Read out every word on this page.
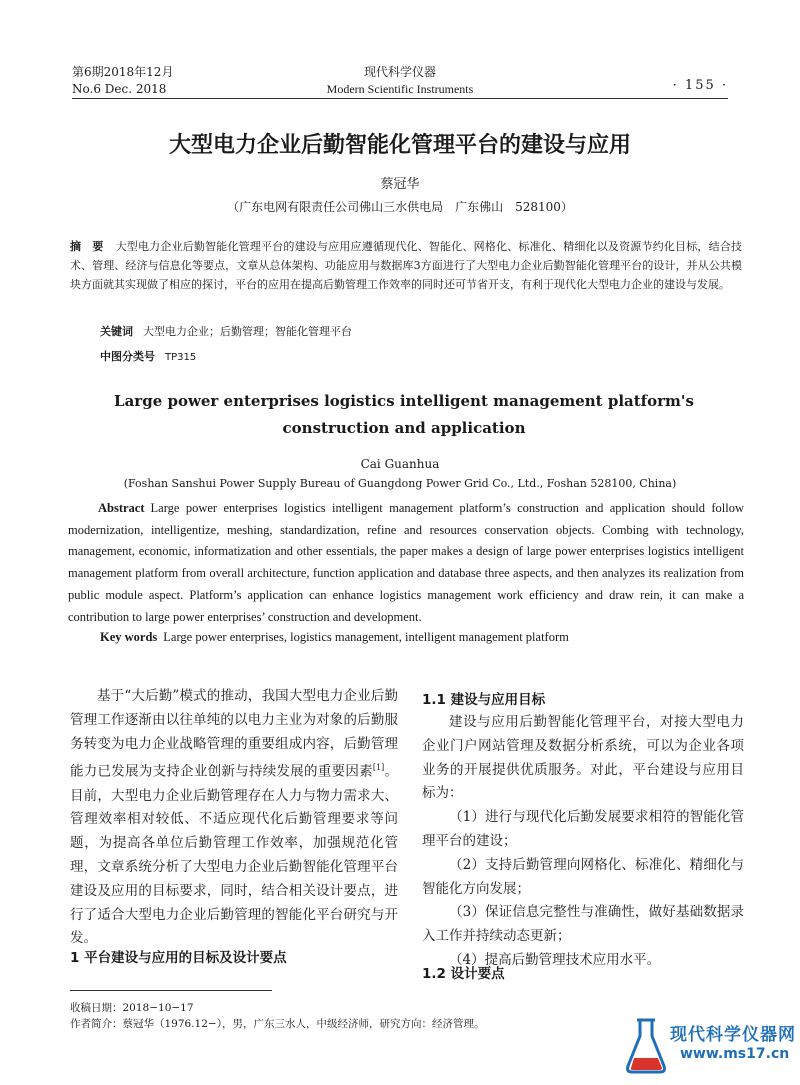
第6期2018年12月
No.6 Dec. 2018
现代科学仪器
Modern Scientific Instruments	· 155 ·
大型电力企业后勤智能化管理平台的建设与应用
蔡冠华
（广东电网有限责任公司佛山三水供电局　广东佛山　528100）
摘　要 大型电力企业后勤智能化管理平台的建设与应用应遵循现代化、智能化、网格化、标准化、精细化以及资源节约化目标，结合技术、管理、经济与信息化等要点，文章从总体架构、功能应用与数据库3方面进行了大型电力企业后勤智能化管理平台的设计，并从公共模块方面就其实现做了相应的探讨，平台的应用在提高后勤管理工作效率的同时还可节省开支，有利于现代化大型电力企业的建设与发展。
关键词 大型电力企业；后勤管理；智能化管理平台
中图分类号 TP315
Large power enterprises logistics intelligent management platform's construction and application
Cai Guanhua
(Foshan Sanshui Power Supply Bureau of Guangdong Power Grid Co., Ltd., Foshan 528100, China)
Abstract Large power enterprises logistics intelligent management platform’s construction and application should follow modernization, intelligentize, meshing, standardization, refine and resources conservation objects. Combing with technology, management, economic, informatization and other essentials, the paper makes a design of large power enterprises logistics intelligent management platform from overall architecture, function application and database three aspects, and then analyzes its realization from public module aspect. Platform’s application can enhance logistics management work efficiency and draw rein, it can make a contribution to large power enterprises’ construction and development.
Key words Large power enterprises, logistics management, intelligent management platform

基于“大后勤”模式的推动，我国大型电力企业后勤管理工作逐渐由以往单纯的以电力主业为对象的后勤服务转变为电力企业战略管理的重要组成内容，后勤管理能力已发展为支持企业创新与持续发展的重要因素[1]。目前，大型电力企业后勤管理存在人力与物力需求大、管理效率相对较低、不适应现代化后勤管理要求等问题，为提高各单位后勤管理工作效率，加强规范化管理，文章系统分析了大型电力企业后勤智能化管理平台建设及应用的目标要求，同时，结合相关设计要点，进行了适合大型电力企业后勤管理的智能化平台研究与开发。

1 平台建设与应用的目标及设计要点
1.1 建设与应用目标

建设与应用后勤智能化管理平台，对接大型电力企业门户网站管理及数据分析系统，可以为企业各项业务的开展提供优质服务。对此，平台建设与应用目标为：

（1）进行与现代化后勤发展要求相符的智能化管理平台的建设；

（2）支持后勤管理向网格化、标准化、精细化与智能化方向发展；

（3）保证信息完整性与准确性，做好基础数据录入工作并持续动态更新；

（4）提高后勤管理技术应用水平。

1.2 设计要点
收稿日期：2018−10−17
作者简介：蔡冠华（1976.12−），男，广东三水人，中级经济师，研究方向：经济管理。
现代科学仪器网
www.ms17.cn
